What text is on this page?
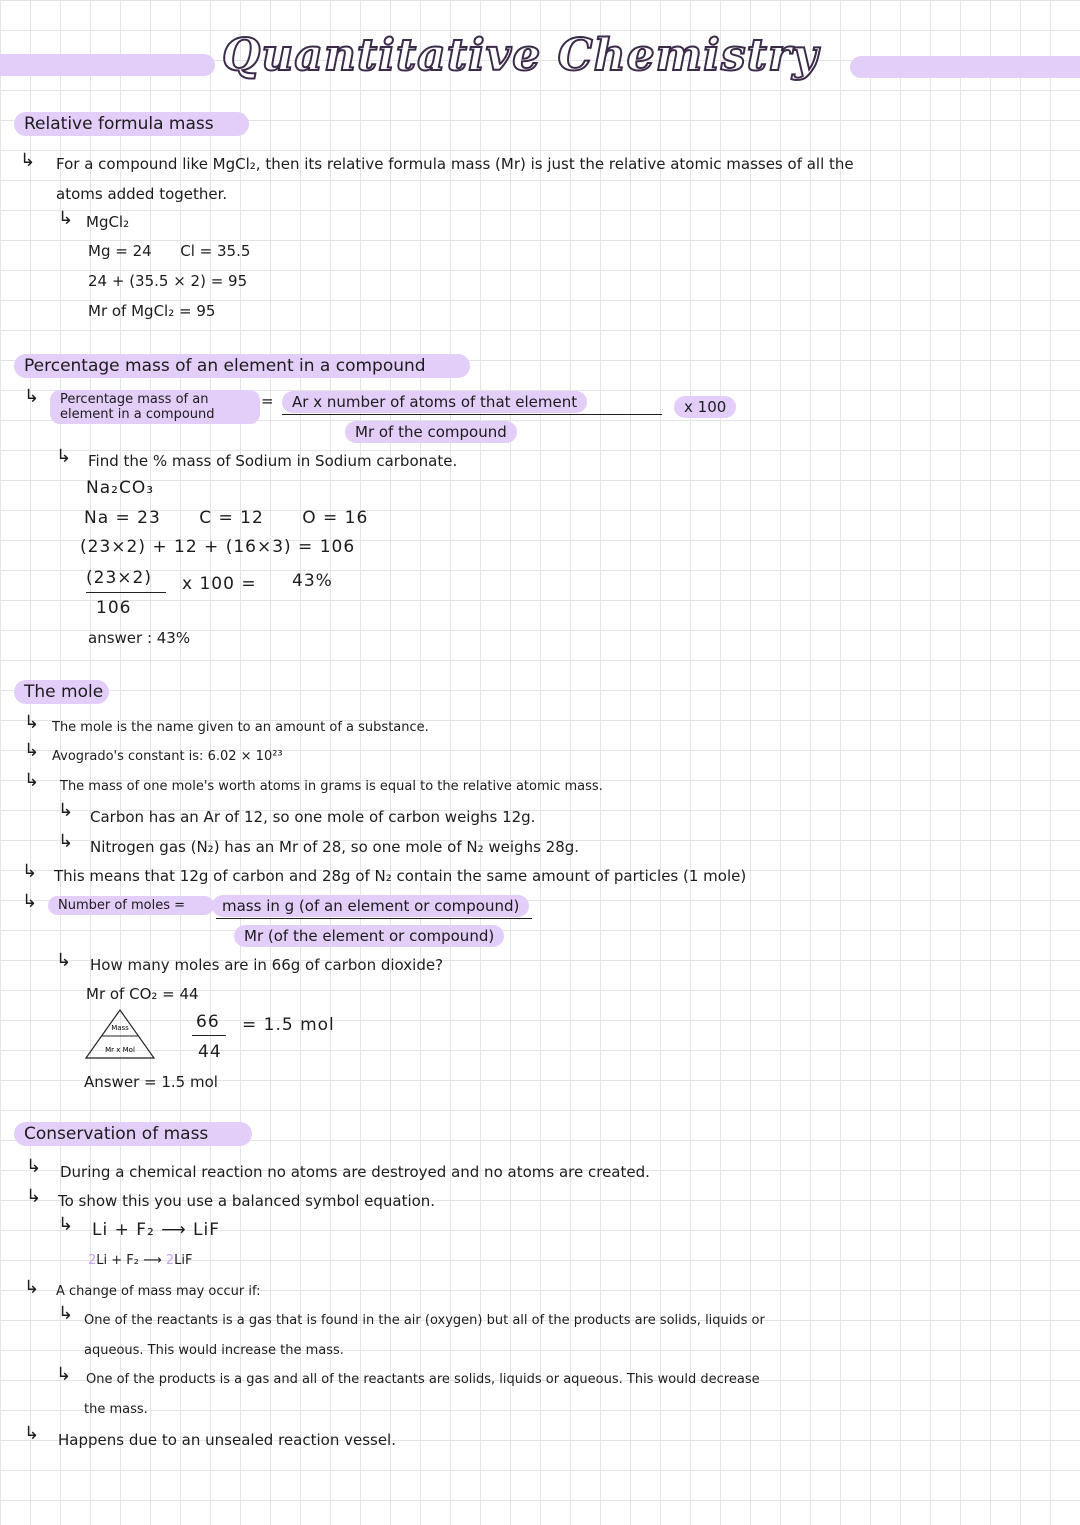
Quantitative Chemistry
Relative formula mass
↳ For a compound like MgCl₂, then its relative formula mass (Mr) is just the relative atomic masses of all the
atoms added together.
↳ MgCl₂
Mg = 24      Cl = 35.5
24 + (35.5 × 2) = 95
Mr of MgCl₂ = 95
Percentage mass of an element in a compound
↳	Percentage mass of an element in a compound
=	Ar x number of atoms of that element
Mr of the compound
x 100
↳ Find the % mass of Sodium in Sodium carbonate.
Na₂CO₃
Na = 23      C = 12      O = 16
(23×2) + 12 + (16×3) = 106
(23×2) x 100 = 43%
106
answer : 43%
The mole
↳ The mole is the name given to an amount of a substance.
↳ Avogrado's constant is: 6.02 × 10²³
↳ The mass of one mole's worth atoms in grams is equal to the relative atomic mass.
↳ Carbon has an Ar of 12, so one mole of carbon weighs 12g.
↳ Nitrogen gas (N₂) has an Mr of 28, so one mole of N₂ weighs 28g.
↳ This means that 12g of carbon and 28g of N₂ contain the same amount of particles (1 mole)
↳	Number of moles =	mass in g (of an element or compound)
Mr (of the element or compound)
↳ How many moles are in 66g of carbon dioxide?
Mr of CO₂ = 44
Mass
Mr x Mol
66 = 1.5 mol
44
Answer = 1.5 mol
Conservation of mass
↳ During a chemical reaction no atoms are destroyed and no atoms are created.
↳ To show this you use a balanced symbol equation.
↳ Li + F₂ ⟶ LiF
2Li + F₂ ⟶ 2LiF
↳ A change of mass may occur if:
↳ One of the reactants is a gas that is found in the air (oxygen) but all of the products are solids, liquids or
aqueous. This would increase the mass.
↳ One of the products is a gas and all of the reactants are solids, liquids or aqueous. This would decrease
the mass.
↳ Happens due to an unsealed reaction vessel.
